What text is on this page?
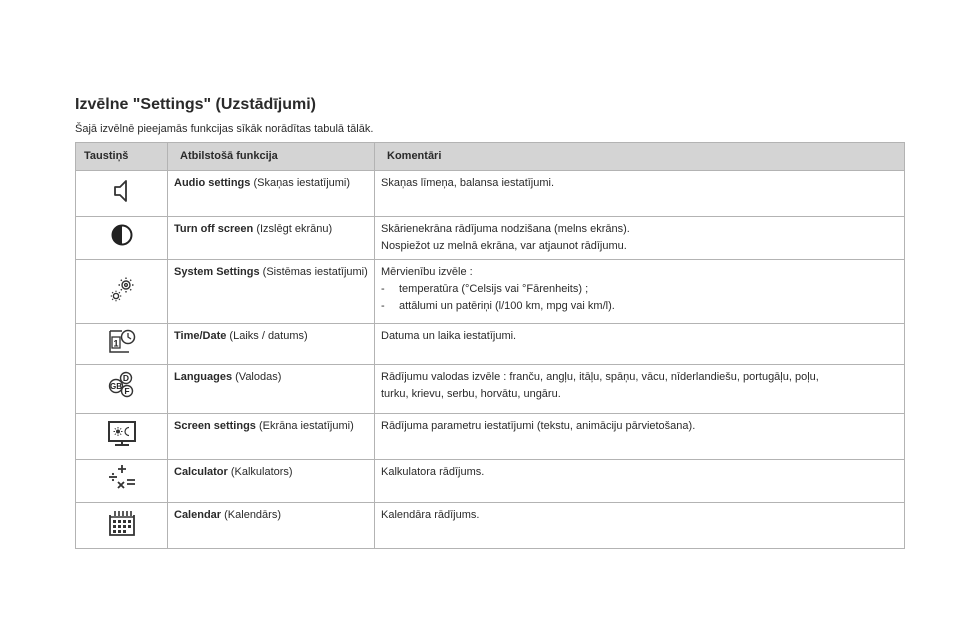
Izvēlne "Settings" (Uzstādījumi)
Šajā izvēlnē pieejamās funkcijas sīkāk norādītas tabulā tālāk.
Taustiņš	Atbilstošā funkcija	Komentāri

	Audio settings (Skaņas iestatījumi)	Skaņas līmeņa, balansa iestatījumi.

	Turn off screen (Izslēgt ekrānu)	Skārienekrāna rādījuma nodzišana (melns ekrāns).
Nospiežot uz melnā ekrāna, var atjaunot rādījumu.

	System Settings (Sistēmas iestatījumi)	Mērvienību izvēle :
- temperatūra (°Celsijs vai °Fārenheits) ;
- attālumi un patēriņi (l/100 km, mpg vai km/l).

1	Time/Date (Laiks / datums)	Datuma un laika iestatījumi.

D
GB F	Languages (Valodas)	Rādījumu valodas izvēle : franču, angļu, itāļu, spāņu, vācu, nīderlandiešu, portugāļu, poļu,
turku, krievu, serbu, horvātu, ungāru.

	Screen settings (Ekrāna iestatījumi)	Rādījuma parametru iestatījumi (tekstu, animāciju pārvietošana).

	Calculator (Kalkulators)	Kalkulatora rādījums.

	Calendar (Kalendārs)	Kalendāra rādījums.
